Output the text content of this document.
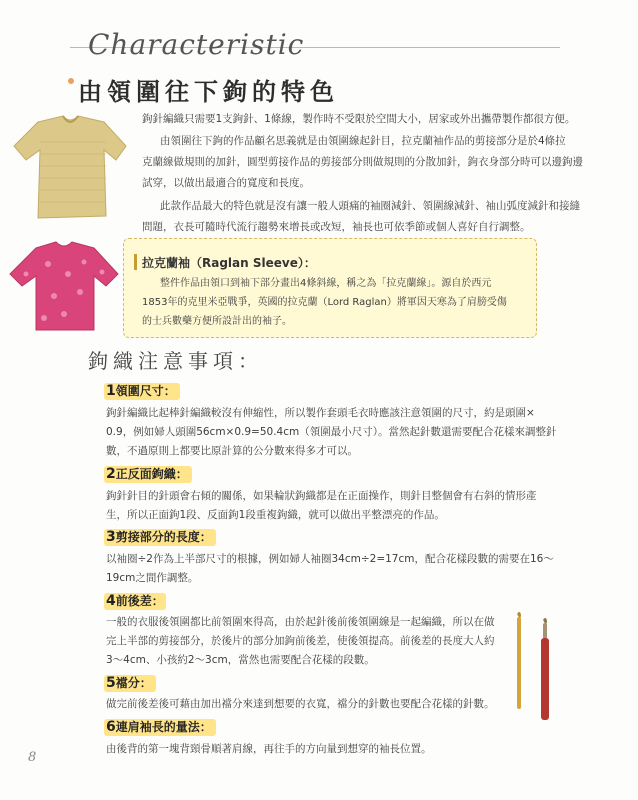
Characteristic
由領圍往下鉤的特色
鉤針編織只需要1支鉤針、1條線，製作時不受限於空間大小，居家或外出攜帶製作都很方便。
由領圍往下鉤的作品顧名思義就是由領圍線起針目，拉克蘭袖作品的剪接部分是於4條拉
克蘭線做規則的加針，圓型剪接作品的剪接部分則做規則的分散加針，鉤衣身部分時可以邊鉤邊
試穿，以做出最適合的寬度和長度。
此款作品最大的特色就是沒有讓一般人頭痛的袖圈減針、領圍線減針、袖山弧度減針和接縫
問題，衣長可隨時代流行趨勢來增長或改短，袖長也可依季節或個人喜好自行調整。
拉克蘭袖（Raglan Sleeve）：
整件作品由領口到袖下部分畫出4條斜線，稱之為「拉克蘭線」。源自於西元
1853年的克里米亞戰爭，英國的拉克蘭（Lord Raglan）將軍因天寒為了肩膀受傷
的士兵數藥方便所設計出的袖子。
鉤織注意事項：
1領圍尺寸：
鉤針編織比起棒針編織較沒有伸縮性，所以製作套頭毛衣時應該注意領圍的尺寸，約是頭圍×
0.9，例如婦人頭圍56cm×0.9=50.4cm（領圍最小尺寸）。當然起針數還需要配合花樣來調整針
數，不過原則上都要比原計算的公分數來得多才可以。
2正反面鉤織：
鉤針針目的針頭會右傾的關係，如果輪狀鉤織都是在正面操作，則針目整個會有右斜的情形產
生，所以正面鉤1段、反面鉤1段重複鉤織，就可以做出平整漂亮的作品。
3剪接部分的長度：
以袖圈÷2作為上半部尺寸的根據，例如婦人袖圈34cm÷2=17cm，配合花樣段數的需要在16～
19cm之間作調整。
4前後差：
一般的衣服後領圍都比前領圍來得高，由於起針後前後領圍線是一起編織，所以在做
完上半部的剪接部分，於後片的部分加鉤前後差，使後領提高。前後差的長度大人約
3～4cm、小孩約2～3cm，當然也需要配合花樣的段數。
5襠分：
做完前後差後可藉由加出襠分來達到想要的衣寬，襠分的針數也要配合花樣的針數。
6連肩袖長的量法：
由後背的第一塊背頸骨順著肩線，再往手的方向量到想穿的袖長位置。
8
